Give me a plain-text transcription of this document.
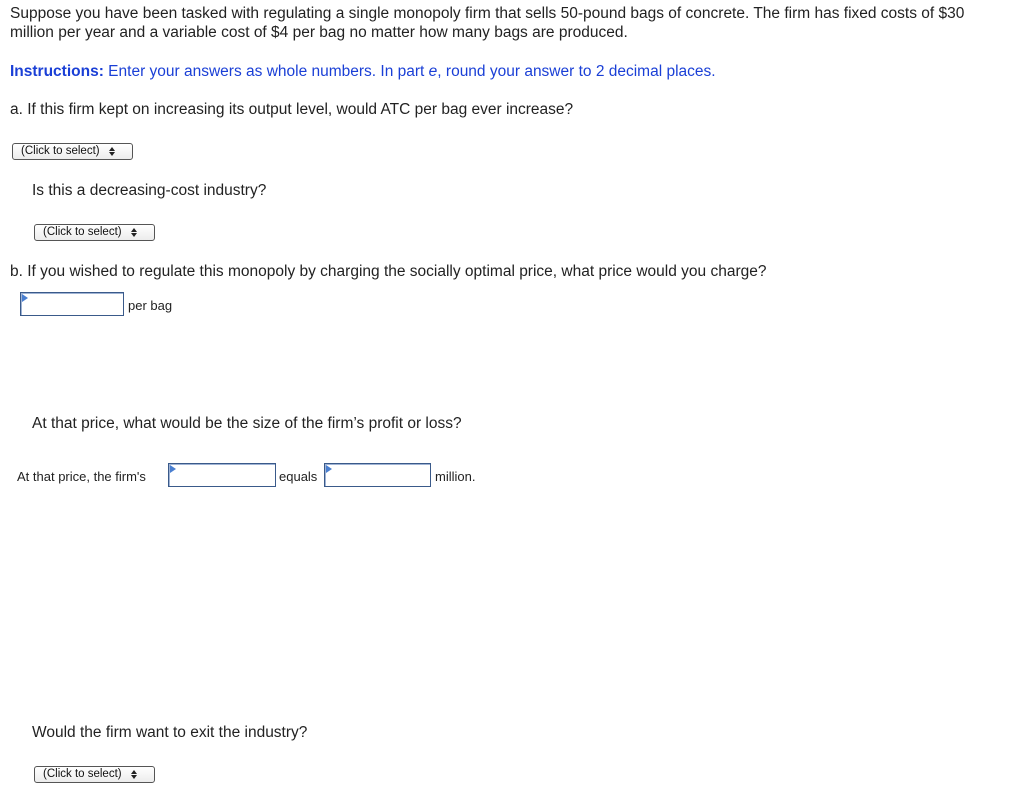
Suppose you have been tasked with regulating a single monopoly firm that sells 50-pound bags of concrete. The firm has fixed costs of $30 million per year and a variable cost of $4 per bag no matter how many bags are produced.
Instructions: Enter your answers as whole numbers. In part e, round your answer to 2 decimal places.
a. If this firm kept on increasing its output level, would ATC per bag ever increase?
(Click to select)
Is this a decreasing-cost industry?
(Click to select)
b. If you wished to regulate this monopoly by charging the socially optimal price, what price would you charge?
per bag
At that price, what would be the size of the firm’s profit or loss?
At that price, the firm's	equals	million.
Would the firm want to exit the industry?
(Click to select)
